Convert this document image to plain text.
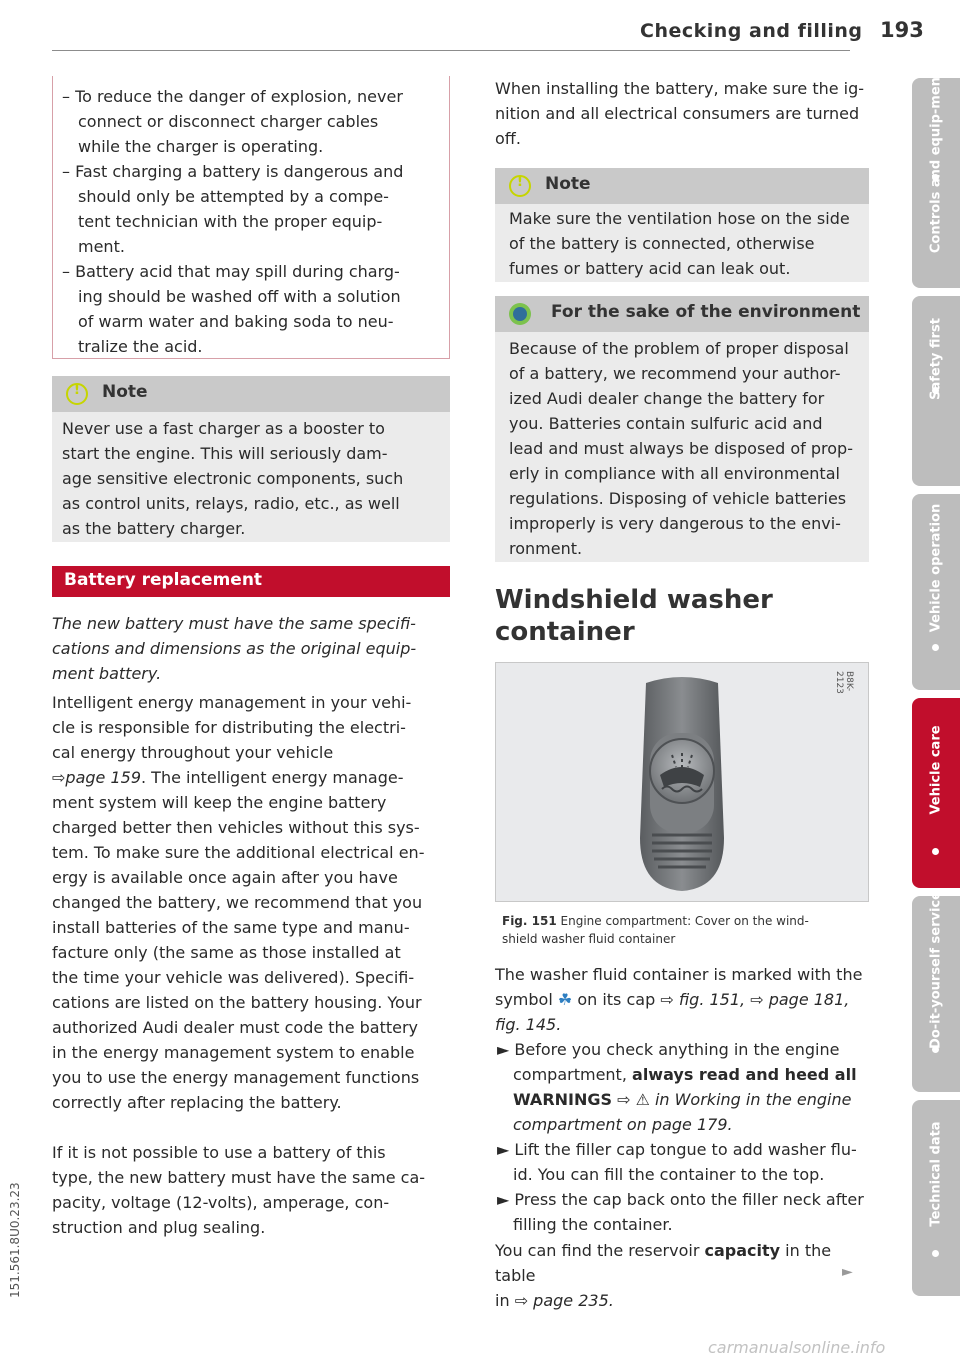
Checking and filling 193
151.561.8U0.23.23
– To reduce the danger of explosion, never
connect or disconnect charger cables
while the charger is operating.
– Fast charging a battery is dangerous and
should only be attempted by a compe-
tent technician with the proper equip-
ment.
– Battery acid that may spill during charg-
ing should be washed off with a solution
of warm water and baking soda to neu-
tralize the acid.
!	Note
Never use a fast charger as a booster to
start the engine. This will seriously dam-
age sensitive electronic components, such
as control units, relays, radio, etc., as well
as the battery charger.
Battery replacement
The new battery must have the same specifi-
cations and dimensions as the original equip-
ment battery.
Intelligent energy management in your vehi-
cle is responsible for distributing the electri-
cal energy throughout your vehicle
⇨page 159. The intelligent energy manage-
ment system will keep the engine battery
charged better then vehicles without this sys-
tem. To make sure the additional electrical en-
ergy is available once again after you have
changed the battery, we recommend that you
install batteries of the same type and manu-
facture only (the same as those installed at
the time your vehicle was delivered). Specifi-
cations are listed on the battery housing. Your
authorized Audi dealer must code the battery
in the energy management system to enable
you to use the energy management functions
correctly after replacing the battery.
If it is not possible to use a battery of this
type, the new battery must have the same ca-
pacity, voltage (12-volts), amperage, con-
struction and plug sealing.
When installing the battery, make sure the ig-
nition and all electrical consumers are turned
off.
!	Note
Make sure the ventilation hose on the side
of the battery is connected, otherwise
fumes or battery acid can leak out.
For the sake of the environment
Because of the problem of proper disposal
of a battery, we recommend your author-
ized Audi dealer change the battery for
you. Batteries contain sulfuric acid and
lead and must always be disposed of prop-
erly in compliance with all environmental
regulations. Disposing of vehicle batteries
improperly is very dangerous to the envi-
ronment.
Windshield washer
container
B8K-2123
Fig. 151 Engine compartment: Cover on the wind-
shield washer fluid container
The washer fluid container is marked with the
symbol ☘ on its cap ⇨ fig. 151, ⇨ page 181,
fig. 145.
► Before you check anything in the engine
compartment, always read and heed all
WARNINGS ⇨ ⚠ in Working in the engine
compartment on page 179.
► Lift the filler cap tongue to add washer flu-
id. You can fill the container to the top.
► Press the cap back onto the filler neck after
filling the container.
You can find the reservoir capacity in the table
in ⇨ page 235.
►
Controls and equip-ment
Safety first
Vehicle operation
Vehicle care
Do-it-yourself service
Technical data
carmanualsonline.info
